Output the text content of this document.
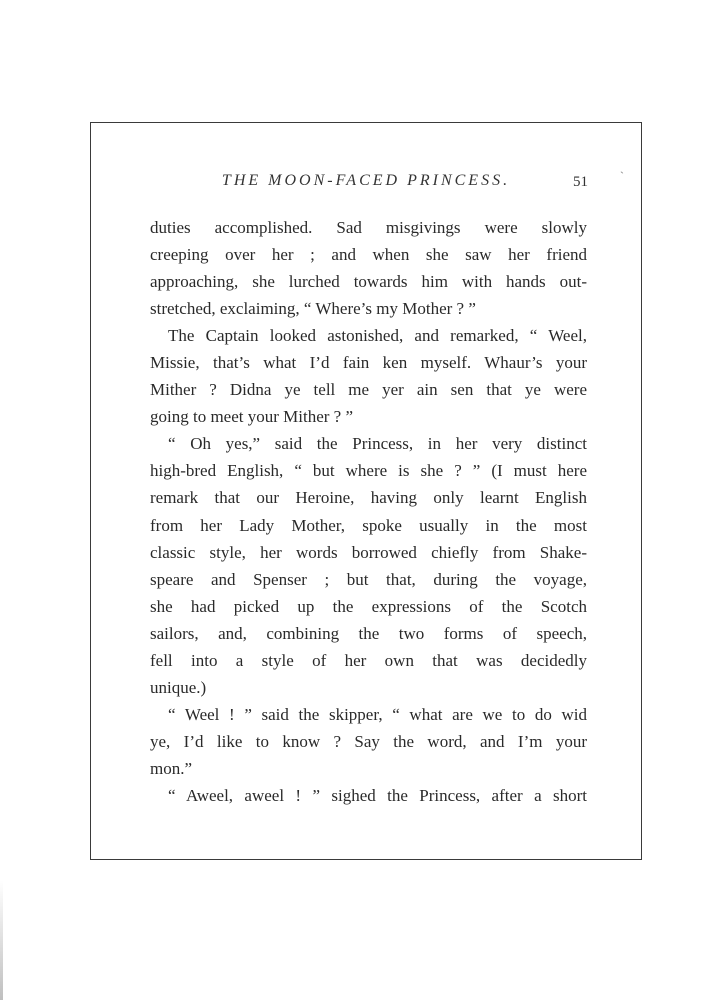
THE MOON-FACED PRINCESS.	51
duties accomplished. Sad misgivings were slowly
creeping over her ; and when she saw her friend
approaching, she lurched towards him with hands out-
stretched, exclaiming, “ Where’s my Mother ? ”
The Captain looked astonished, and remarked, “ Weel,
Missie, that’s what I’d fain ken myself. Whaur’s your
Mither ? Didna ye tell me yer ain sen that ye were
going to meet your Mither ? ”
“ Oh yes,” said the Princess, in her very distinct
high-bred English, “ but where is she ? ” (I must here
remark that our Heroine, having only learnt English
from her Lady Mother, spoke usually in the most
classic style, her words borrowed chiefly from Shake-
speare and Spenser ; but that, during the voyage,
she had picked up the expressions of the Scotch
sailors, and, combining the two forms of speech,
fell into a style of her own that was decidedly
unique.)
“ Weel ! ” said the skipper, “ what are we to do wid
ye, I’d like to know ? Say the word, and I’m your
mon.”
“ Aweel, aweel ! ” sighed the Princess, after a short
ˏ
